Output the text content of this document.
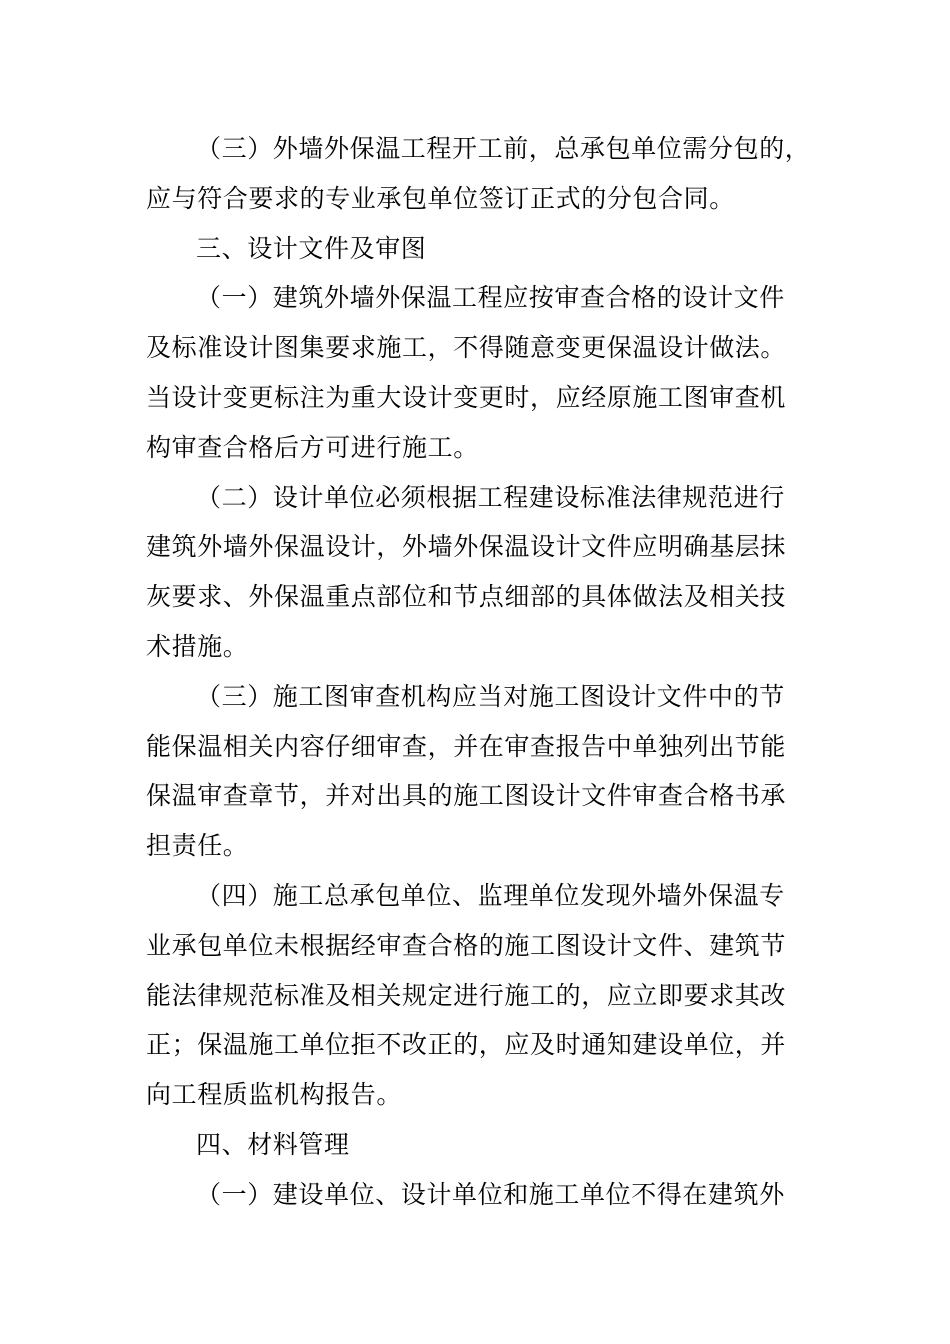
（三）外墙外保温工程开工前，总承包单位需分包的，
应与符合要求的专业承包单位签订正式的分包合同。
三、设计文件及审图
（一）建筑外墙外保温工程应按审查合格的设计文件
及标准设计图集要求施工，不得随意变更保温设计做法。
当设计变更标注为重大设计变更时，应经原施工图审查机
构审查合格后方可进行施工。
（二）设计单位必须根据工程建设标准法律规范进行
建筑外墙外保温设计，外墙外保温设计文件应明确基层抹
灰要求、外保温重点部位和节点细部的具体做法及相关技
术措施。
（三）施工图审查机构应当对施工图设计文件中的节
能保温相关内容仔细审查，并在审查报告中单独列出节能
保温审查章节，并对出具的施工图设计文件审查合格书承
担责任。
（四）施工总承包单位、监理单位发现外墙外保温专
业承包单位未根据经审查合格的施工图设计文件、建筑节
能法律规范标准及相关规定进行施工的，应立即要求其改
正；保温施工单位拒不改正的，应及时通知建设单位，并
向工程质监机构报告。
四、材料管理
（一）建设单位、设计单位和施工单位不得在建筑外
